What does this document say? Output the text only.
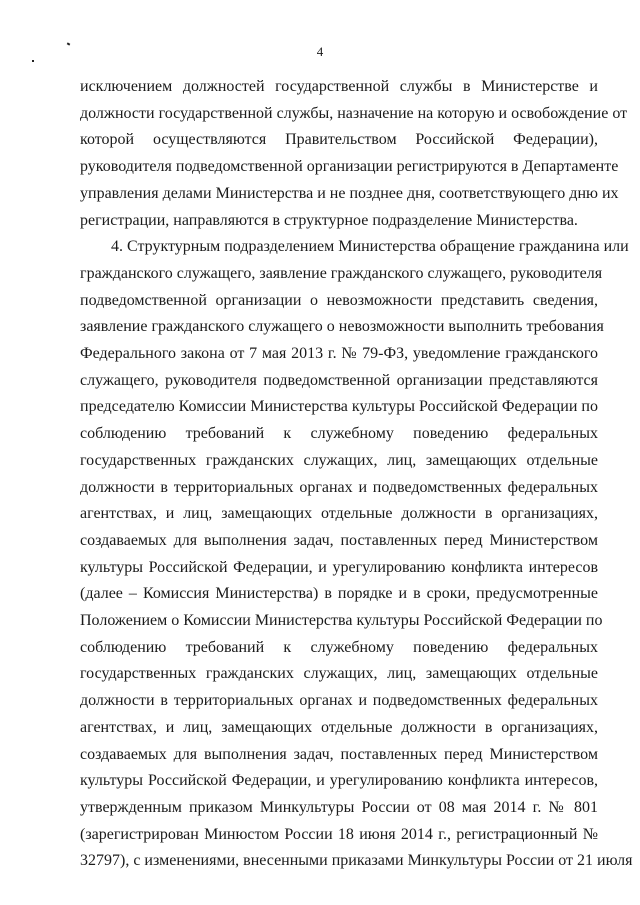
4
исключением должностей государственной службы в Министерстве и
должности государственной службы, назначение на которую и освобождение от
которой осуществляются Правительством Российской Федерации),
руководителя подведомственной организации регистрируются в Департаменте
управления делами Министерства и не позднее дня, соответствующего дню их
регистрации, направляются в структурное подразделение Министерства.
4. Структурным подразделением Министерства обращение гражданина или
гражданского служащего, заявление гражданского служащего, руководителя
подведомственной организации о невозможности представить сведения,
заявление гражданского служащего о невозможности выполнить требования
Федерального закона от 7 мая 2013 г. № 79-ФЗ, уведомление гражданского
служащего, руководителя подведомственной организации представляются
председателю Комиссии Министерства культуры Российской Федерации по
соблюдению требований к служебному поведению федеральных
государственных гражданских служащих, лиц, замещающих отдельные
должности в территориальных органах и подведомственных федеральных
агентствах, и лиц, замещающих отдельные должности в организациях,
создаваемых для выполнения задач, поставленных перед Министерством
культуры Российской Федерации, и урегулированию конфликта интересов
(далее – Комиссия Министерства) в порядке и в сроки, предусмотренные
Положением о Комиссии Министерства культуры Российской Федерации по
соблюдению требований к служебному поведению федеральных
государственных гражданских служащих, лиц, замещающих отдельные
должности в территориальных органах и подведомственных федеральных
агентствах, и лиц, замещающих отдельные должности в организациях,
создаваемых для выполнения задач, поставленных перед Министерством
культуры Российской Федерации, и урегулированию конфликта интересов,
утвержденным приказом Минкультуры России от 08 мая 2014 г. № 801
(зарегистрирован Минюстом России 18 июня 2014 г., регистрационный №
32797), с изменениями, внесенными приказами Минкультуры России от 21 июля
